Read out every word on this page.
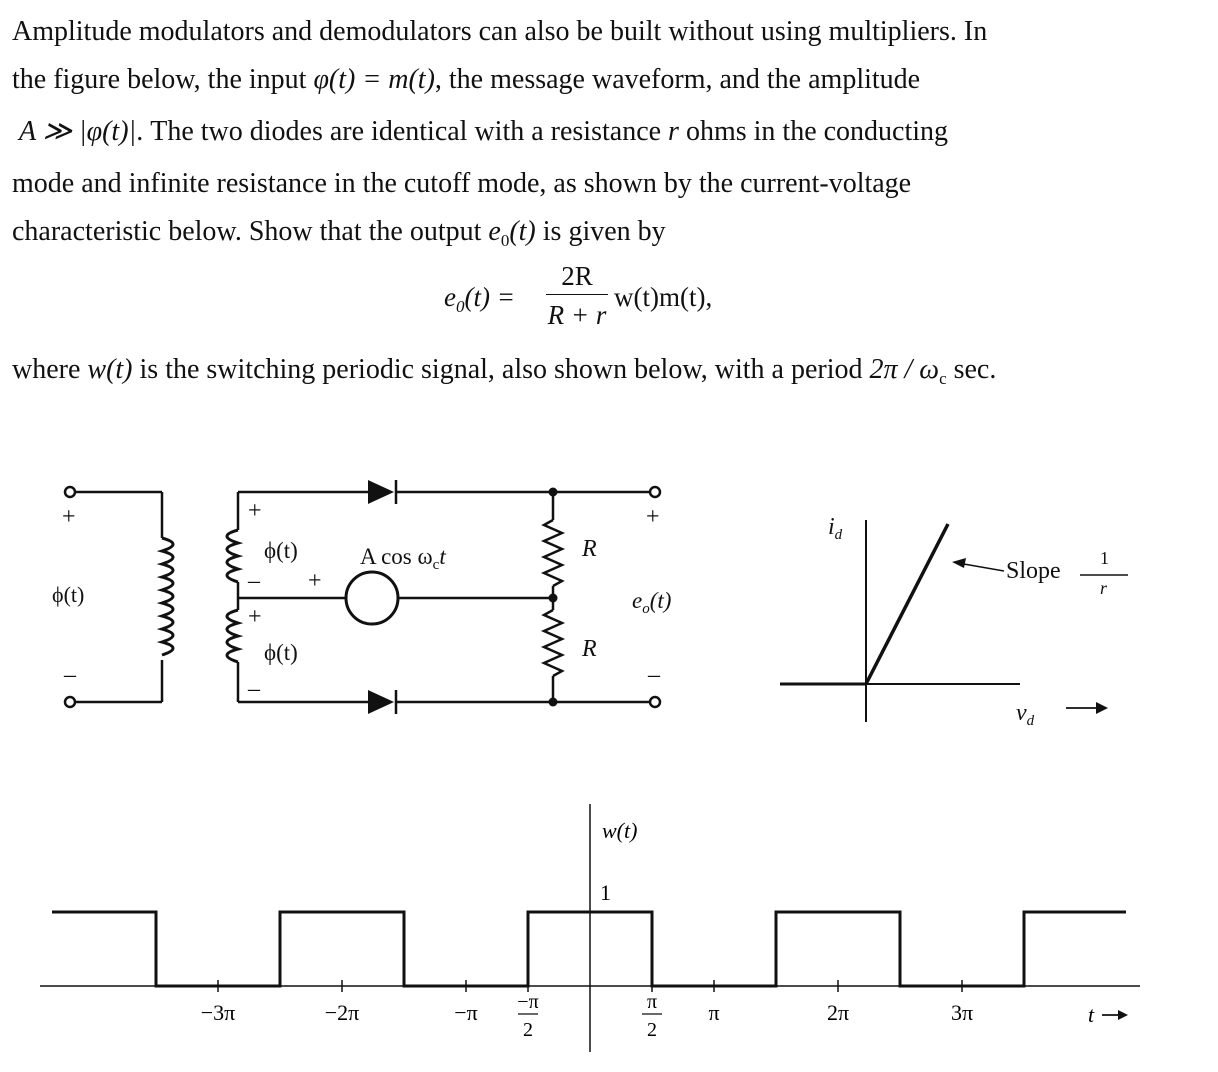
Amplitude modulators and demodulators can also be built without using multipliers. In

the figure below, the input φ(t) = m(t), the message waveform, and the amplitude

A ≫ |φ(t)|. The two diodes are identical with a resistance r ohms in the conducting

mode and infinite resistance in the cutoff mode, as shown by the current-voltage

characteristic below. Show that the output $e_0(t)$ is given by

$e_0(t)$ =
2R
R + r
w(t)m(t),

where w(t) is the switching periodic signal, also shown below, with a period $2\pi / \omega_c$ sec.

+
–
ϕ(t)
+
ϕ(t)
– +
+
ϕ(t)
–
A $\cos \omega_ct$	R
R
+
–
$e_o(t)$
$i_d$
Slope 1
r
$v_d$
−3π	−2π	−π −π
2
π
2
π	2π	3π
w(t)
1
t
